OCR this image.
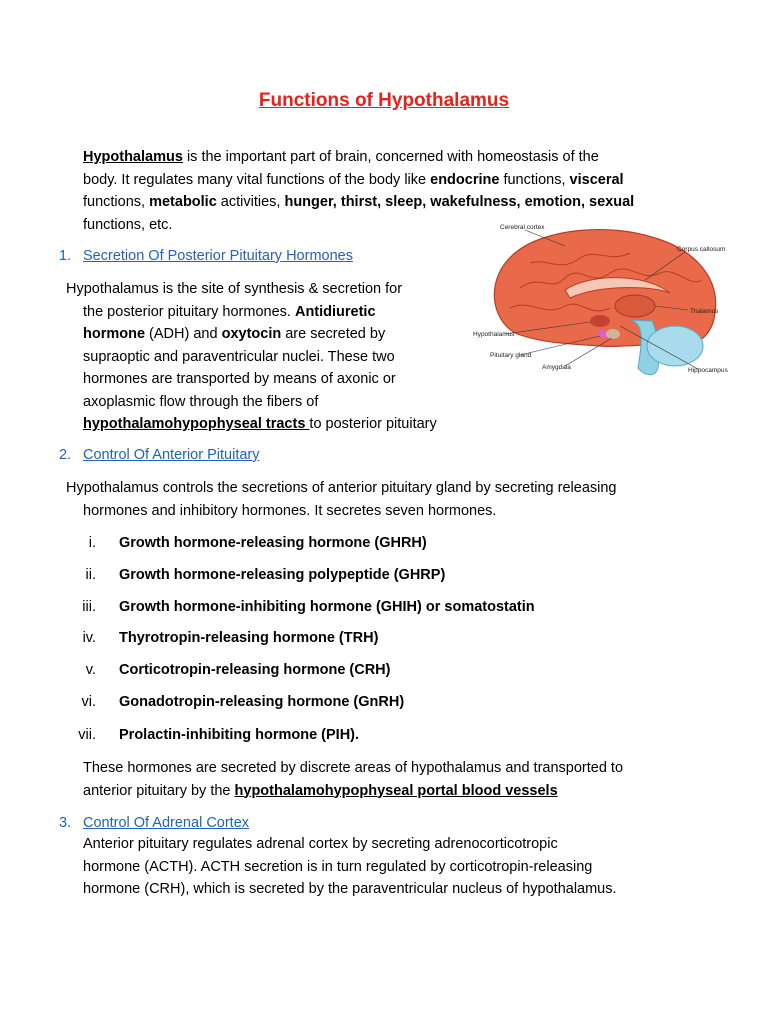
Functions of Hypothalamus
Hypothalamus is the important part of brain, concerned with homeostasis of the
body. It regulates many vital functions of the body like endocrine functions, visceral
functions, metabolic activities, hunger, thirst, sleep, wakefulness, emotion, sexual
functions, etc.
1. Secretion Of Posterior Pituitary Hormones
Hypothalamus is the site of synthesis & secretion for
the posterior pituitary hormones. Antidiuretic
hormone (ADH) and oxytocin are secreted by
supraoptic and paraventricular nuclei. These two
hormones are transported by means of axonic or
axoplasmic flow through the fibers of
hypothalamohypophyseal tracts to posterior pituitary
Cerebral cortex
Corpus callosum
Thalamus
Hypothalamus
Pituitary gland
Amygdala	Hippocampus
2. Control Of Anterior Pituitary
Hypothalamus controls the secretions of anterior pituitary gland by secreting releasing
hormones and inhibitory hormones. It secretes seven hormones.
i. Growth hormone-releasing hormone (GHRH)
ii. Growth hormone-releasing polypeptide (GHRP)
iii. Growth hormone-inhibiting hormone (GHIH) or somatostatin
iv. Thyrotropin-releasing hormone (TRH)
v. Corticotropin-releasing hormone (CRH)
vi. Gonadotropin-releasing hormone (GnRH)
vii. Prolactin-inhibiting hormone (PIH).
These hormones are secreted by discrete areas of hypothalamus and transported to
anterior pituitary by the hypothalamohypophyseal portal blood vessels
3. Control Of Adrenal Cortex
Anterior pituitary regulates adrenal cortex by secreting adrenocorticotropic
hormone (ACTH). ACTH secretion is in turn regulated by corticotropin-releasing
hormone (CRH), which is secreted by the paraventricular nucleus of hypothalamus.
